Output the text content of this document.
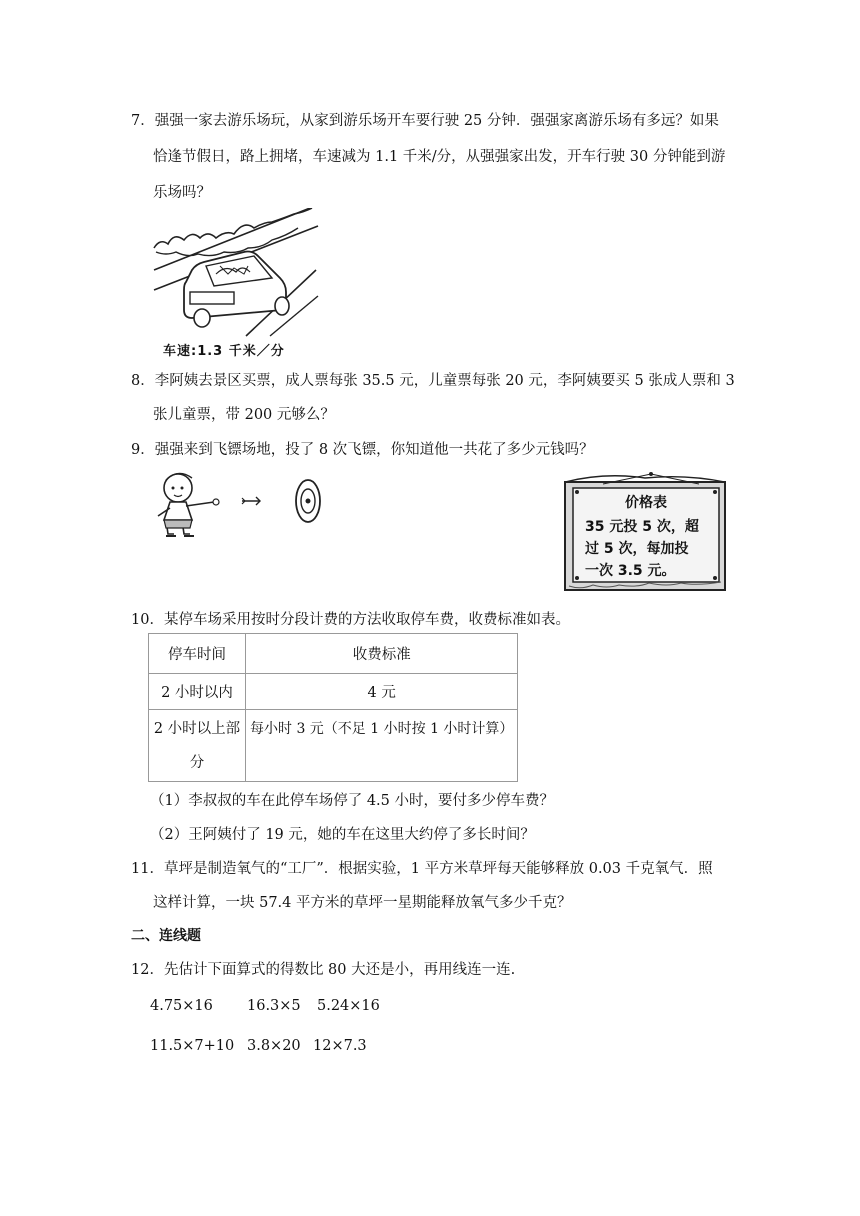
7．强强一家去游乐场玩，从家到游乐场开车要行驶 25 分钟．强强家离游乐场有多远？如果
恰逢节假日，路上拥堵，车速减为 1.1 千米/分，从强强家出发，开车行驶 30 分钟能到游
乐场吗？
车速:1.3 千米／分
8．李阿姨去景区买票，成人票每张 35.5 元，儿童票每张 20 元，李阿姨要买 5 张成人票和 3
张儿童票，带 200 元够么？
9．强强来到飞镖场地，投了 8 次飞镖，你知道他一共花了多少元钱吗？
价格表
35 元投 5 次，超
过 5 次，每加投
一次 3.5 元。
10．某停车场采用按时分段计费的方法收取停车费，收费标准如表。
停车时间	收费标准
2 小时以内	4 元
2 小时以上部
分	每小时 3 元（不足 1 小时按 1 小时计算）
（1）李叔叔的车在此停车场停了 4.5 小时，要付多少停车费？
（2）王阿姨付了 19 元，她的车在这里大约停了多长时间？
11．草坪是制造氧气的“工厂”．根据实验，1 平方米草坪每天能够释放 0.03 千克氧气．照
这样计算，一块 57.4 平方米的草坪一星期能释放氧气多少千克？
二、连线题
12．先估计下面算式的得数比 80 大还是小，再用线连一连.
4.75×16 16.3×5 5.24×16
11.5×7+10 3.8×20 12×7.3
